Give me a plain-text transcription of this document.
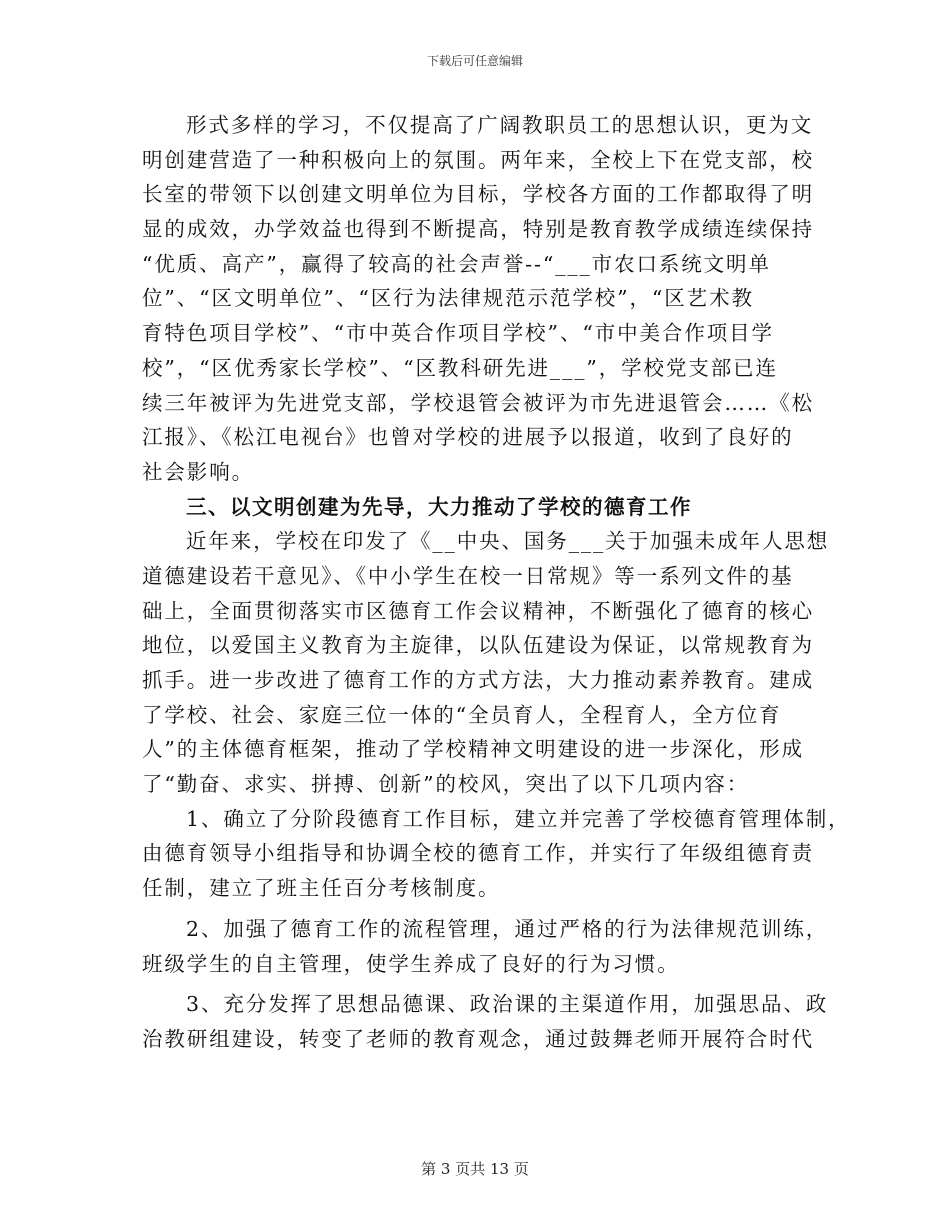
下载后可任意编辑
形式多样的学习，不仅提高了广阔教职员工的思想认识，更为文
明创建营造了一种积极向上的氛围。两年来，全校上下在党支部，校
长室的带领下以创建文明单位为目标，学校各方面的工作都取得了明
显的成效，办学效益也得到不断提高，特别是教育教学成绩连续保持
“优质、高产”，赢得了较高的社会声誉--“___市农口系统文明单
位”、“区文明单位”、“区行为法律规范示范学校”，“区艺术教
育特色项目学校”、“市中英合作项目学校”、“市中美合作项目学
校”，“区优秀家长学校”、“区教科研先进___”，学校党支部已连
续三年被评为先进党支部，学校退管会被评为市先进退管会……《松
江报》、《松江电视台》也曾对学校的进展予以报道，收到了良好的
社会影响。
三、以文明创建为先导，大力推动了学校的德育工作
近年来，学校在印发了《__中央、国务___关于加强未成年人思想
道德建设若干意见》、《中小学生在校一日常规》等一系列文件的基
础上，全面贯彻落实市区德育工作会议精神，不断强化了德育的核心
地位，以爱国主义教育为主旋律，以队伍建设为保证，以常规教育为
抓手。进一步改进了德育工作的方式方法，大力推动素养教育。建成
了学校、社会、家庭三位一体的“全员育人，全程育人，全方位育
人”的主体德育框架，推动了学校精神文明建设的进一步深化，形成
了“勤奋、求实、拼搏、创新”的校风，突出了以下几项内容：
1、确立了分阶段德育工作目标，建立并完善了学校德育管理体制，
由德育领导小组指导和协调全校的德育工作，并实行了年级组德育责
任制，建立了班主任百分考核制度。
2、加强了德育工作的流程管理，通过严格的行为法律规范训练，
班级学生的自主管理，使学生养成了良好的行为习惯。
3、充分发挥了思想品德课、政治课的主渠道作用，加强思品、政
治教研组建设，转变了老师的教育观念，通过鼓舞老师开展符合时代
第 3 页共 13 页
